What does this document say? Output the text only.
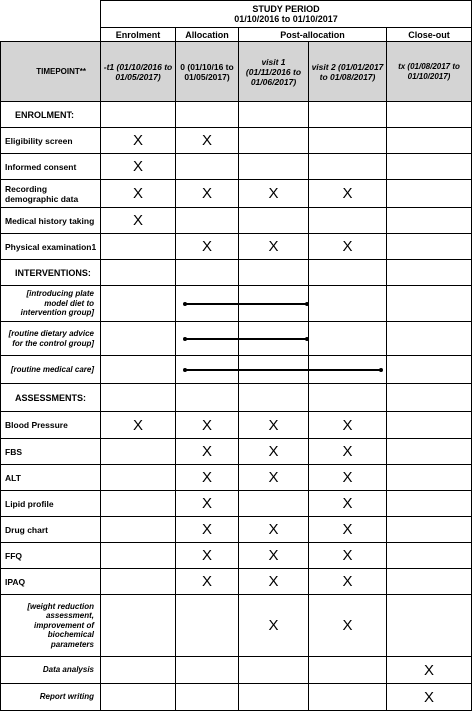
	STUDY PERIOD
01/10/2016 to 01/10/2017				

	Enrolment	Allocation	Post-allocation		Close-out
TIMEPOINT**	-t1 (01/10/2016 to 01/05/2017)	0 (01/10/16 to 01/05/2017)	visit 1 (01/11/2016 to 01/06/2017)	visit 2 (01/01/2017 to 01/08/2017)	tx (01/08/2017 to 01/10/2017)
ENROLMENT:					
Eligibility screen	X	X			
Informed consent	X				
Recording demographic data	X	X	X	X	
Medical history taking	X				
Physical examination1		X	X	X	
INTERVENTIONS:					
[introducing plate model diet to intervention group]					
[routine dietary advice for the control group]					
[routine medical care]					
ASSESSMENTS:					
Blood Pressure	X	X	X	X	
FBS		X	X	X	
ALT		X	X	X	
Lipid profile		X		X	
Drug chart		X	X	X	
FFQ		X	X	X	
IPAQ		X	X	X	
[weight reduction assessment, improvement of biochemical parameters			X	X	
Data analysis					X
Report writing					X
